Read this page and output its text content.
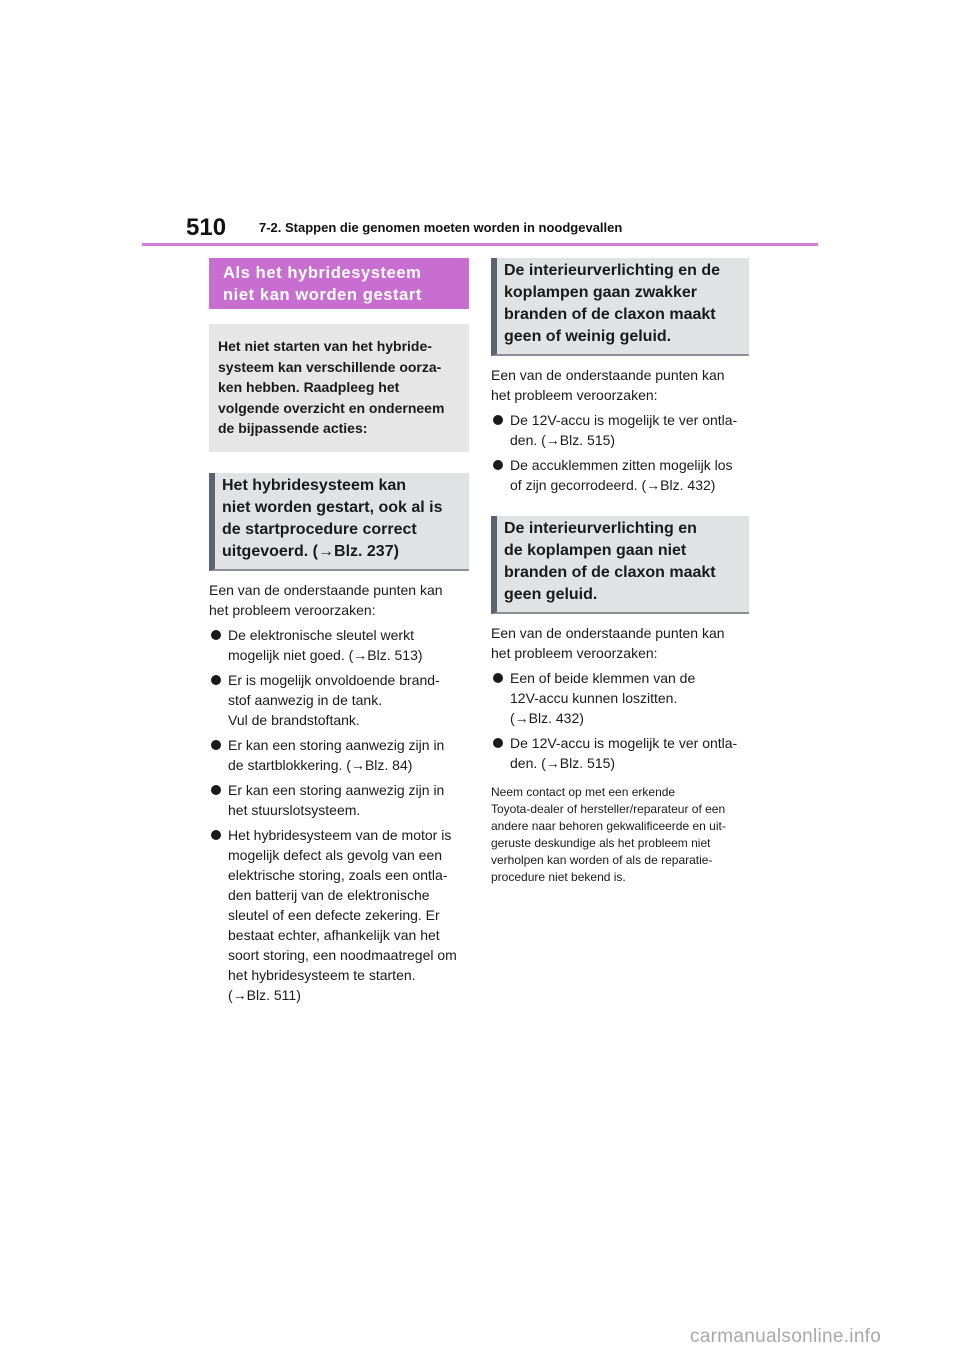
510	7-2. Stappen die genomen moeten worden in noodgevallen
Als het hybridesysteem
niet kan worden gestart
Het niet starten van het hybride-
systeem kan verschillende oorza-
ken hebben. Raadpleeg het
volgende overzicht en onderneem
de bijpassende acties:
Het hybridesysteem kan
niet worden gestart, ook al is
de startprocedure correct
uitgevoerd. (→Blz. 237)
Een van de onderstaande punten kan
het probleem veroorzaken:
De elektronische sleutel werkt
mogelijk niet goed. (→Blz. 513)
Er is mogelijk onvoldoende brand-
stof aanwezig in de tank.
Vul de brandstoftank.
Er kan een storing aanwezig zijn in
de startblokkering. (→Blz. 84)
Er kan een storing aanwezig zijn in
het stuurslotsysteem.
Het hybridesysteem van de motor is
mogelijk defect als gevolg van een
elektrische storing, zoals een ontla-
den batterij van de elektronische
sleutel of een defecte zekering. Er
bestaat echter, afhankelijk van het
soort storing, een noodmaatregel om
het hybridesysteem te starten.
(→Blz. 511)
De interieurverlichting en de
koplampen gaan zwakker
branden of de claxon maakt
geen of weinig geluid.
Een van de onderstaande punten kan
het probleem veroorzaken:
De 12V-accu is mogelijk te ver ontla-
den. (→Blz. 515)
De accuklemmen zitten mogelijk los
of zijn gecorrodeerd. (→Blz. 432)
De interieurverlichting en
de koplampen gaan niet
branden of de claxon maakt
geen geluid.
Een van de onderstaande punten kan
het probleem veroorzaken:
Een of beide klemmen van de
12V-accu kunnen loszitten.
(→Blz. 432)
De 12V-accu is mogelijk te ver ontla-
den. (→Blz. 515)
Neem contact op met een erkende
Toyota-dealer of hersteller/reparateur of een
andere naar behoren gekwalificeerde en uit-
geruste deskundige als het probleem niet
verholpen kan worden of als de reparatie-
procedure niet bekend is.
carmanualsonline.info
